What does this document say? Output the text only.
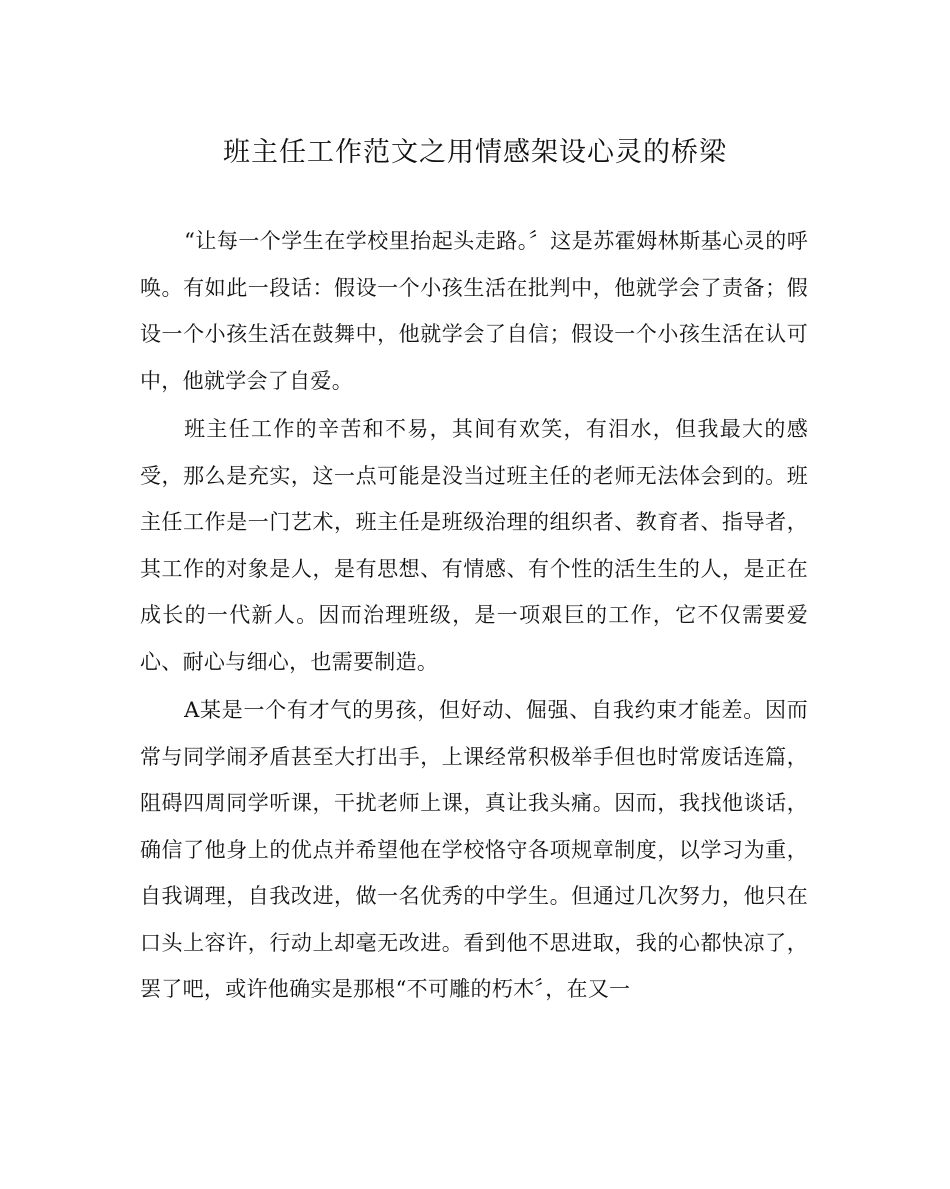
班主任工作范文之用情感架设心灵的桥梁

“让每一个学生在学校里抬起头走路。〞这是苏霍姆林斯基心灵的呼唤。有如此一段话：假设一个小孩生活在批判中，他就学会了责备；假设一个小孩生活在鼓舞中，他就学会了自信；假设一个小孩生活在认可中，他就学会了自爱。

班主任工作的辛苦和不易，其间有欢笑，有泪水，但我最大的感受，那么是充实，这一点可能是没当过班主任的老师无法体会到的。班主任工作是一门艺术，班主任是班级治理的组织者、教育者、指导者，其工作的对象是人，是有思想、有情感、有个性的活生生的人，是正在成长的一代新人。因而治理班级，是一项艰巨的工作，它不仅需要爱心、耐心与细心，也需要制造。

A某是一个有才气的男孩，但好动、倔强、自我约束才能差。因而常与同学闹矛盾甚至大打出手，上课经常积极举手但也时常废话连篇，阻碍四周同学听课，干扰老师上课，真让我头痛。因而，我找他谈话，确信了他身上的优点并希望他在学校恪守各项规章制度，以学习为重，自我调理，自我改进，做一名优秀的中学生。但通过几次努力，他只在口头上容许，行动上却毫无改进。看到他不思进取，我的心都快凉了，罢了吧，或许他确实是那根“不可雕的朽木〞，在又一
